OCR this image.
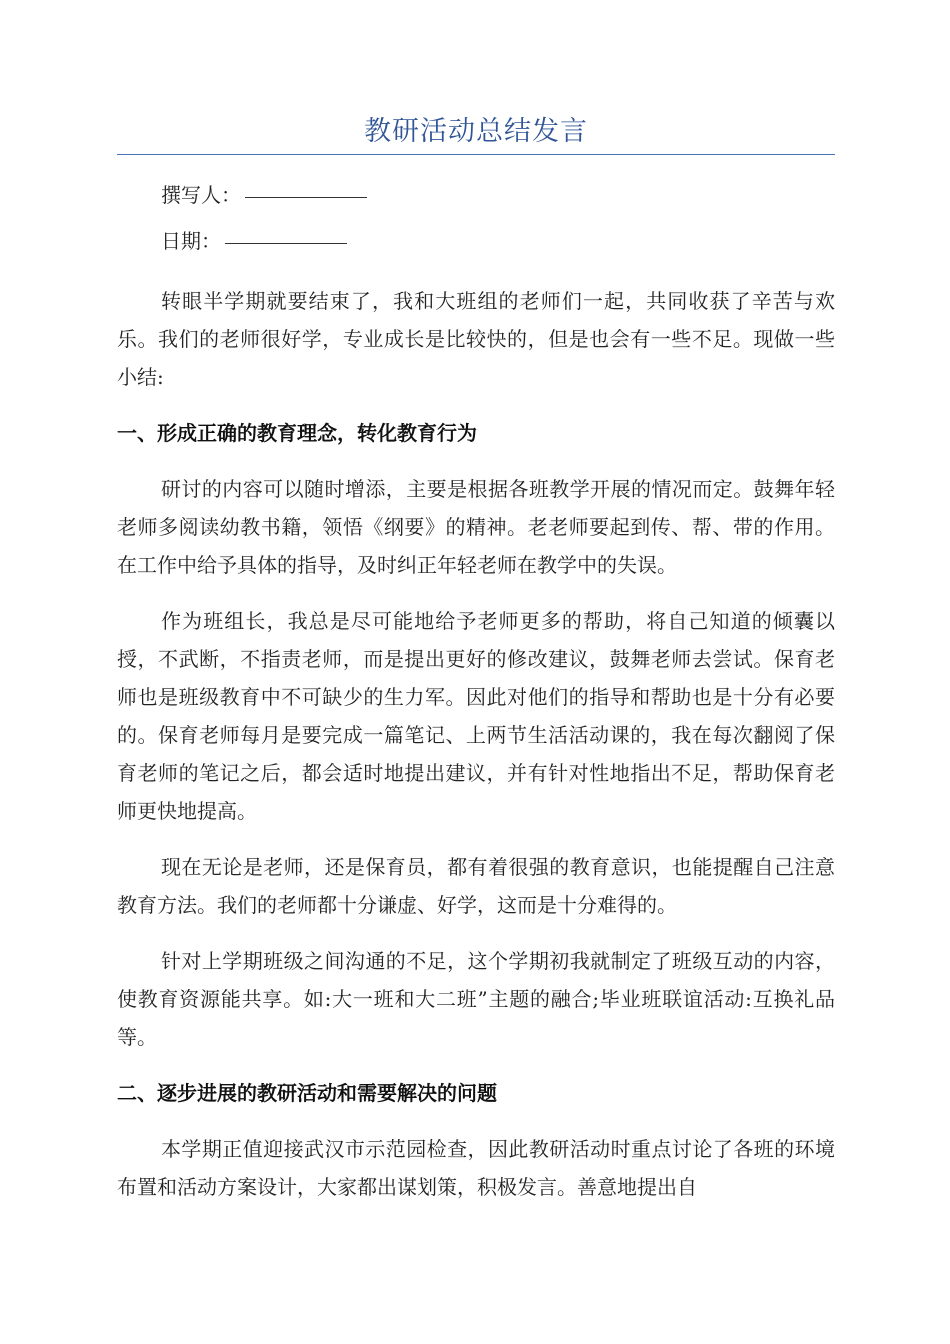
教研活动总结发言

撰写人：

日期：

转眼半学期就要结束了，我和大班组的老师们一起，共同收获了辛苦与欢乐。我们的老师很好学，专业成长是比较快的，但是也会有一些不足。现做一些小结:

一、形成正确的教育理念，转化教育行为

研讨的内容可以随时增添，主要是根据各班教学开展的情况而定。鼓舞年轻老师多阅读幼教书籍，领悟《纲要》的精神。老老师要起到传、帮、带的作用。在工作中给予具体的指导，及时纠正年轻老师在教学中的失误。

作为班组长，我总是尽可能地给予老师更多的帮助，将自己知道的倾囊以授，不武断，不指责老师，而是提出更好的修改建议，鼓舞老师去尝试。保育老师也是班级教育中不可缺少的生力军。因此对他们的指导和帮助也是十分有必要的。保育老师每月是要完成一篇笔记、上两节生活活动课的，我在每次翻阅了保育老师的笔记之后，都会适时地提出建议，并有针对性地指出不足，帮助保育老师更快地提高。

现在无论是老师，还是保育员，都有着很强的教育意识，也能提醒自己注意教育方法。我们的老师都十分谦虚、好学，这而是十分难得的。

针对上学期班级之间沟通的不足，这个学期初我就制定了班级互动的内容，使教育资源能共享。如:大一班和大二班”主题的融合;毕业班联谊活动:互换礼品等。

二、逐步进展的教研活动和需要解决的问题

本学期正值迎接武汉市示范园检查，因此教研活动时重点讨论了各班的环境布置和活动方案设计，大家都出谋划策，积极发言。善意地提出自
